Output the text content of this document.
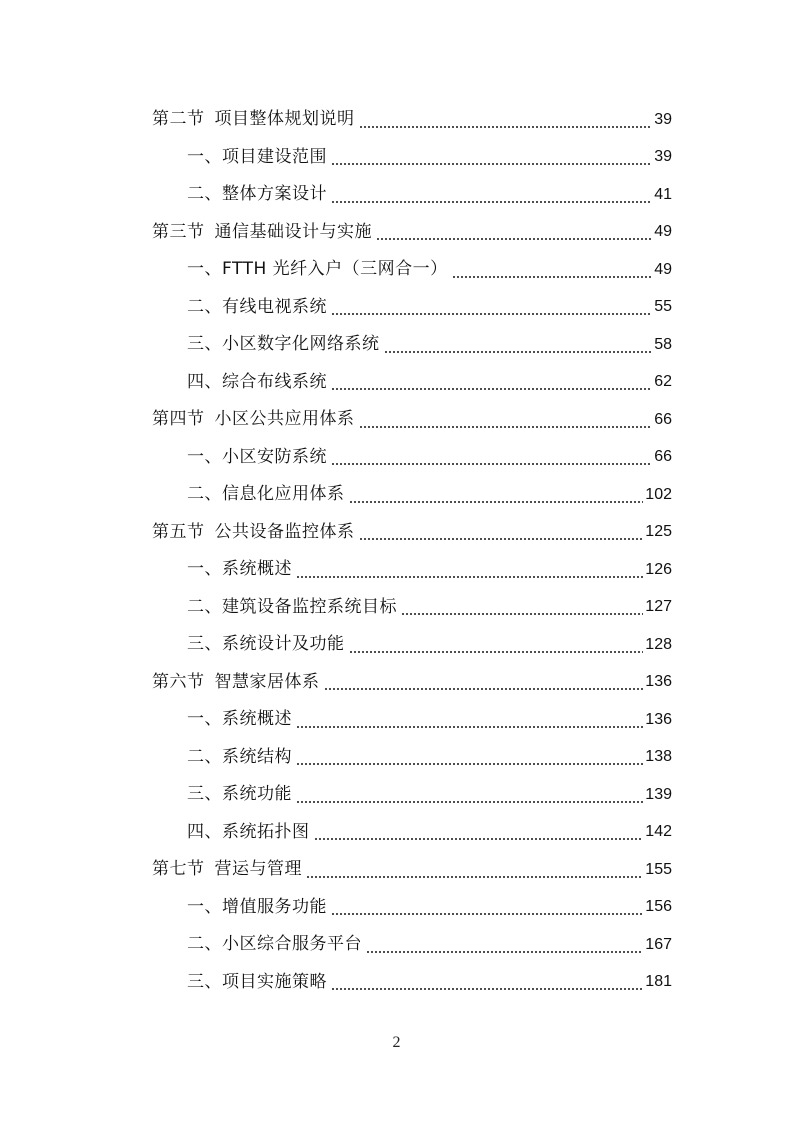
第二节 项目整体规划说明	39
一、项目建设范围	39
二、整体方案设计	41
第三节 通信基础设计与实施	49
一、FTTH 光纤入户（三网合一）	49
二、有线电视系统	55
三、小区数字化网络系统	58
四、综合布线系统	62
第四节 小区公共应用体系	66
一、小区安防系统	66
二、信息化应用体系	102
第五节 公共设备监控体系	125
一、系统概述	126
二、建筑设备监控系统目标	127
三、系统设计及功能	128
第六节 智慧家居体系	136
一、系统概述	136
二、系统结构	138
三、系统功能	139
四、系统拓扑图	142
第七节 营运与管理	155
一、增值服务功能	156
二、小区综合服务平台	167
三、项目实施策略	181
2
